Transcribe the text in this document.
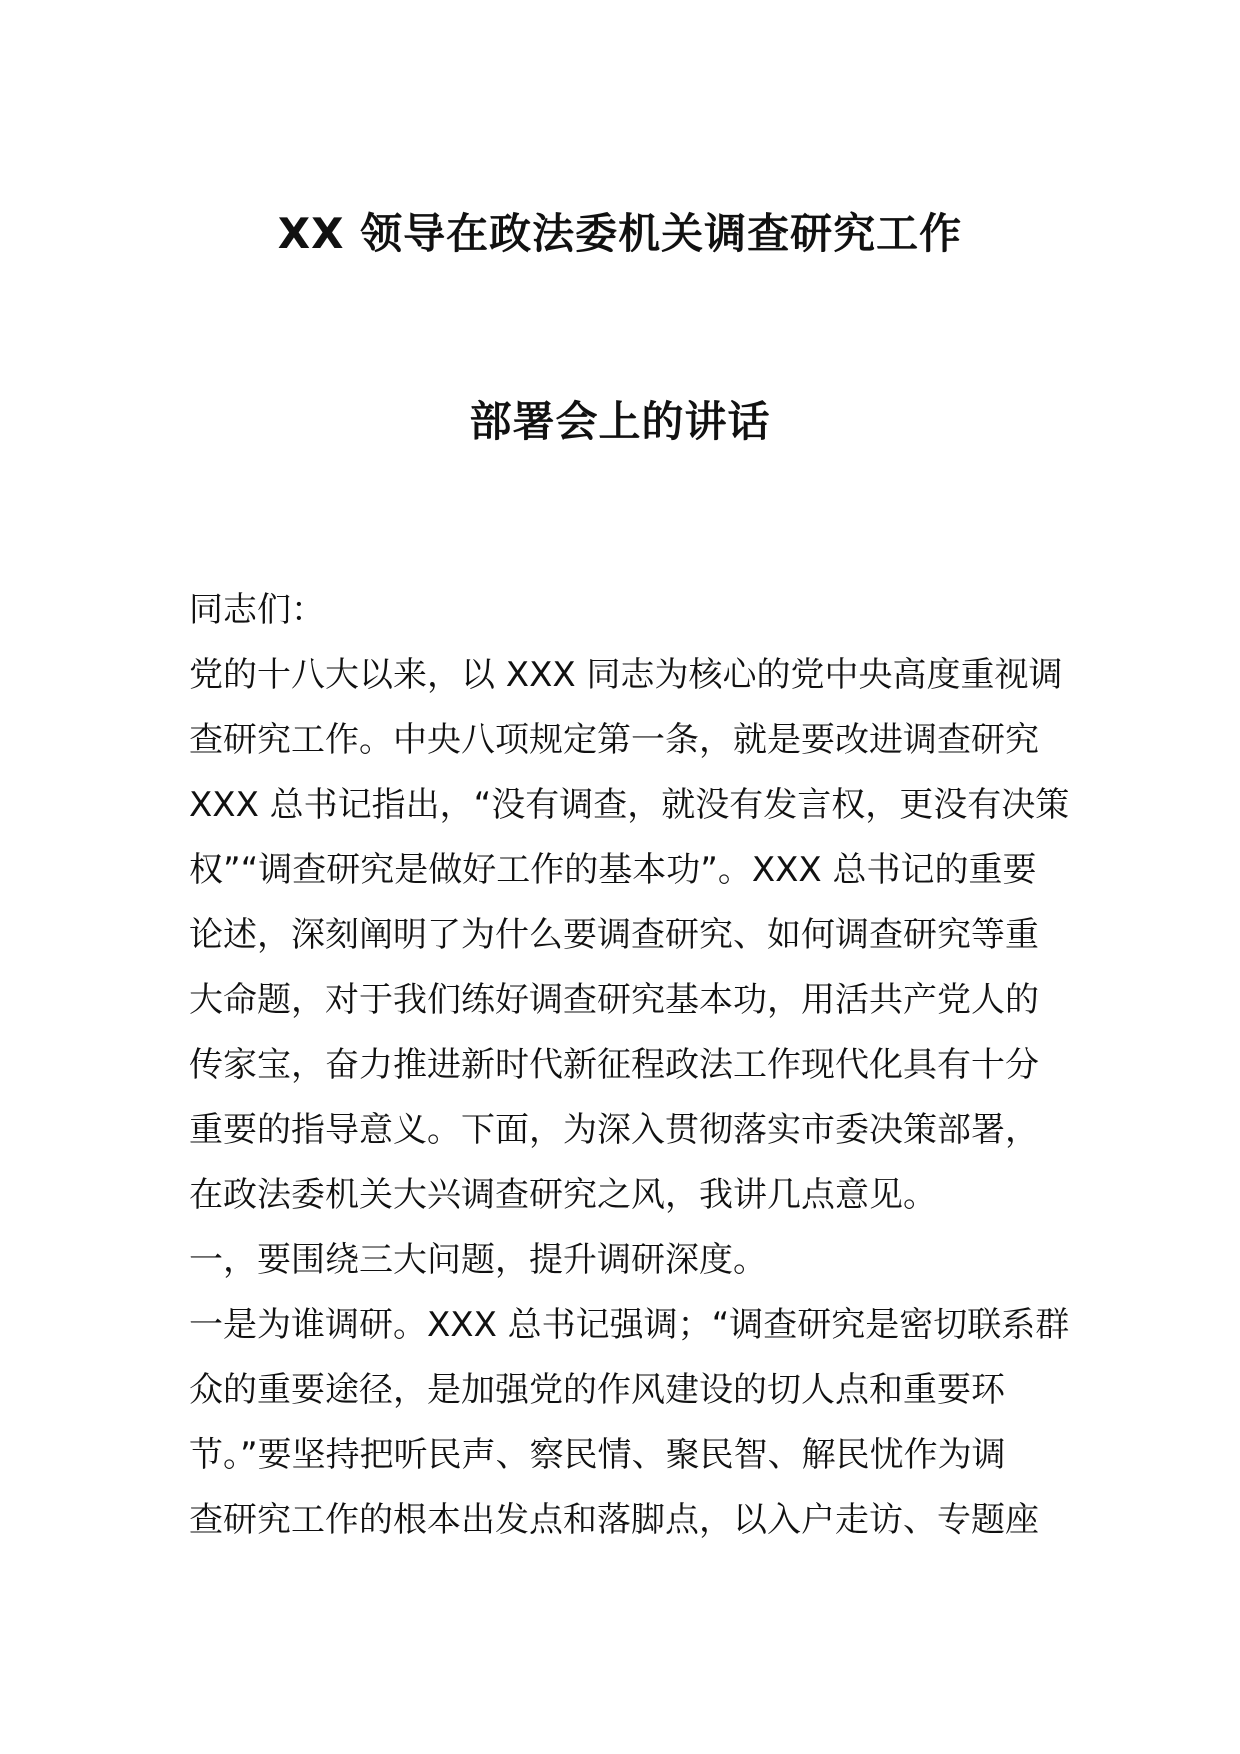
XX 领导在政法委机关调查研究工作
部署会上的讲话
同志们：
党的十八大以来，以 XXX 同志为核心的党中央高度重视调
查研究工作。中央八项规定第一条，就是要改进调查研究
XXX 总书记指出，“没有调查，就没有发言权，更没有决策
权”“调查研究是做好工作的基本功”。XXX 总书记的重要
论述，深刻阐明了为什么要调查研究、如何调查研究等重
大命题，对于我们练好调查研究基本功，用活共产党人的
传家宝，奋力推进新时代新征程政法工作现代化具有十分
重要的指导意义。下面，为深入贯彻落实市委决策部署，
在政法委机关大兴调查研究之风，我讲几点意见。
一，要围绕三大问题，提升调研深度。
一是为谁调研。XXX 总书记强调；“调查研究是密切联系群
众的重要途径，是加强党的作风建设的切人点和重要环
节。”要坚持把听民声、察民情、聚民智、解民忧作为调
查研究工作的根本出发点和落脚点，以入户走访、专题座
